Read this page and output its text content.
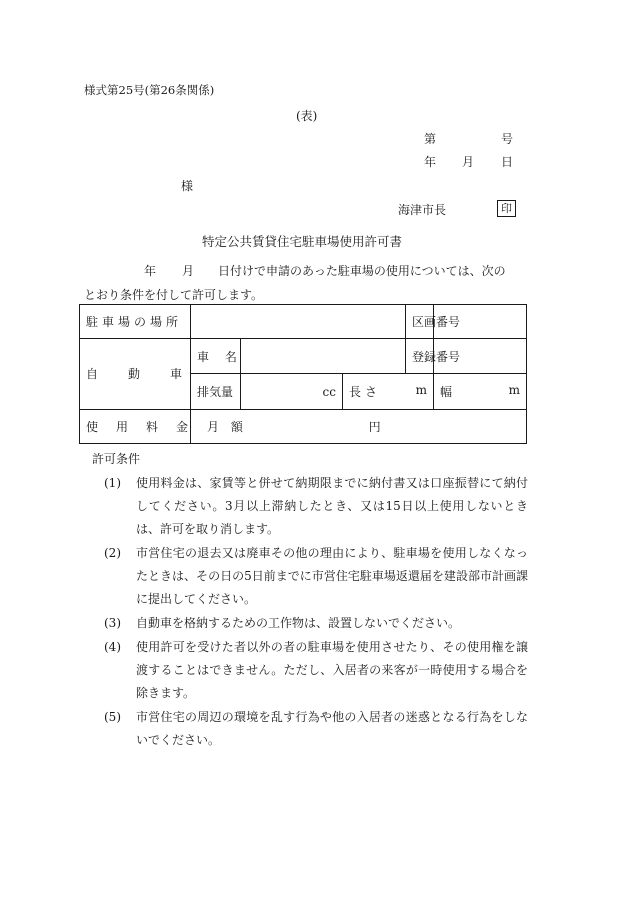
様式第25号(第26条関係)
(表)
第	号
年 月 日
様
海津市長	印
特定公共賃貸住宅駐車場使用許可書
年 月 日付けで申請のあった駐車場の使用については、次の
とおり条件を付して許可します。
駐車場の場所				区画番号	

自動車	車 名			登録番号	
	排気量	cc	長さ m		幅 m

使用料金	月 額 円				
許可条件
(1) 使用料金は、家賃等と併せて納期限までに納付書又は口座振替にて納付してください。3月以上滞納したとき、又は15日以上使用しないときは、許可を取り消します。
(2) 市営住宅の退去又は廃車その他の理由により、駐車場を使用しなくなったときは、その日の5日前までに市営住宅駐車場返還届を建設部市計画課に提出してください。
(3) 自動車を格納するための工作物は、設置しないでください。
(4) 使用許可を受けた者以外の者の駐車場を使用させたり、その使用権を譲渡することはできません。ただし、入居者の来客が一時使用する場合を除きます。
(5) 市営住宅の周辺の環境を乱す行為や他の入居者の迷惑となる行為をしないでください。
